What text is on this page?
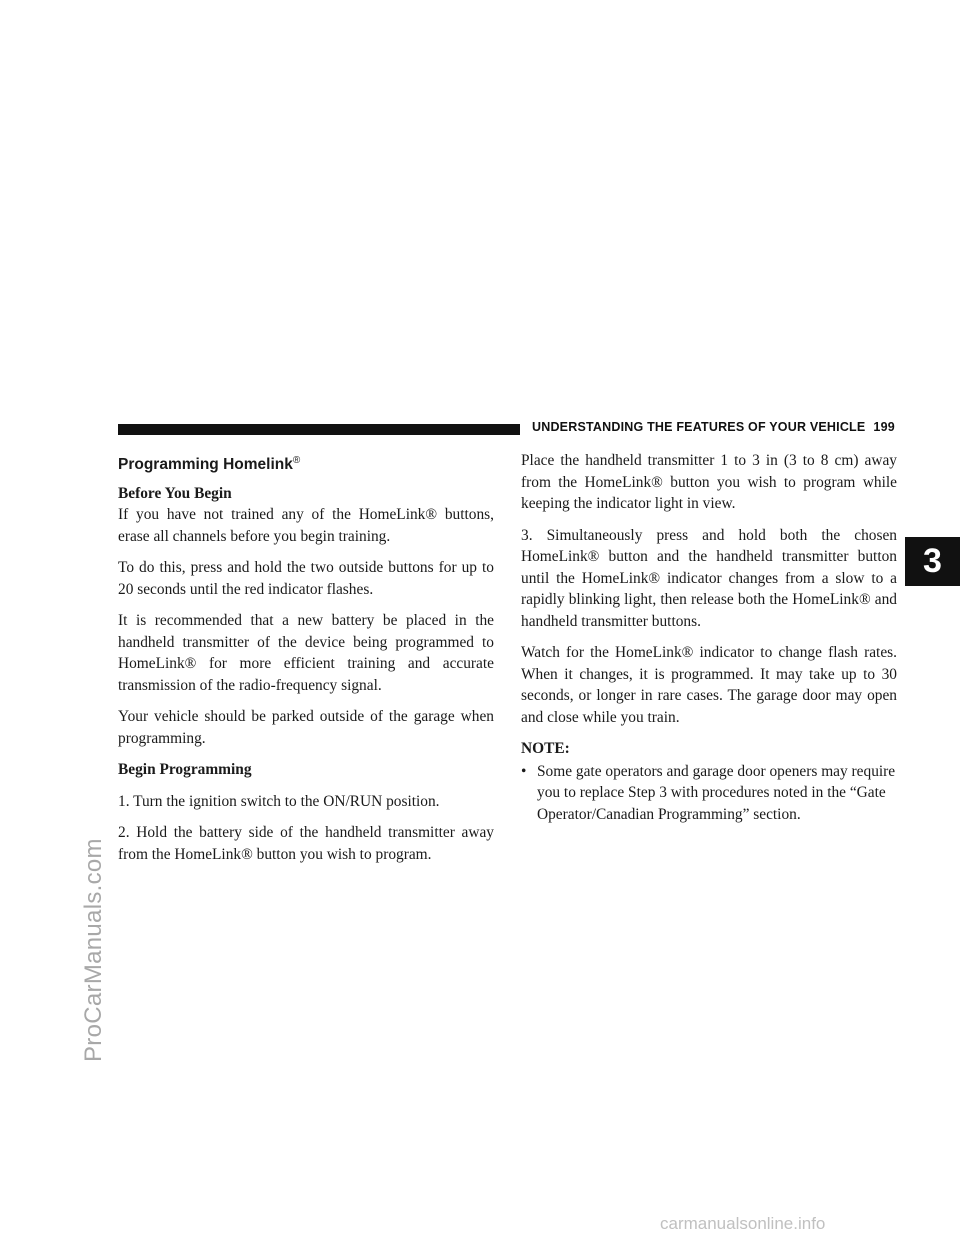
UNDERSTANDING THE FEATURES OF YOUR VEHICLE 199
3
Programming Homelink®
Before You Begin

If you have not trained any of the HomeLink® buttons, erase all channels before you begin training.

To do this, press and hold the two outside buttons for up to 20 seconds until the red indicator flashes.

It is recommended that a new battery be placed in the handheld transmitter of the device being programmed to HomeLink® for more efficient training and accurate transmission of the radio-frequency signal.

Your vehicle should be parked outside of the garage when programming.

Begin Programming

1. Turn the ignition switch to the ON/RUN position.

2. Hold the battery side of the handheld transmitter away from the HomeLink® button you wish to program.

Place the handheld transmitter 1 to 3 in (3 to 8 cm) away from the HomeLink® button you wish to program while keeping the indicator light in view.

3. Simultaneously press and hold both the chosen HomeLink® button and the handheld transmitter button until the HomeLink® indicator changes from a slow to a rapidly blinking light, then release both the HomeLink® and handheld transmitter buttons.

Watch for the HomeLink® indicator to change flash rates. When it changes, it is programmed. It may take up to 30 seconds, or longer in rare cases. The garage door may open and close while you train.

NOTE:
• Some gate operators and garage door openers may require you to replace Step 3 with procedures noted in the “Gate Operator/Canadian Programming” section.
ProCarManuals.com
carmanualsonline.info
